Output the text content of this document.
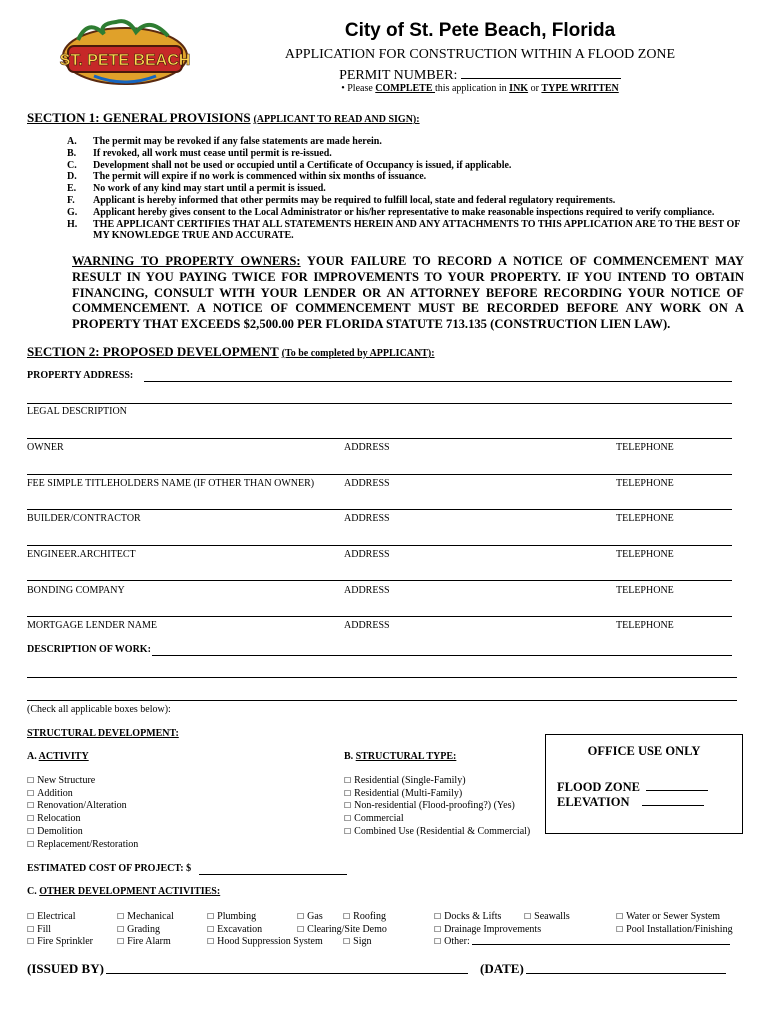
ST. PETE BEACH
City of St. Pete Beach, Florida
APPLICATION FOR CONSTRUCTION WITHIN A FLOOD ZONE
PERMIT NUMBER:
• Please COMPLETE this application in INK or TYPE WRITTEN
SECTION 1: GENERAL PROVISIONS (APPLICANT TO READ AND SIGN):
A.	The permit may be revoked if any false statements are made herein.
B.	If revoked, all work must cease until permit is re-issued.
C.	Development shall not be used or occupied until a Certificate of Occupancy is issued, if applicable.
D.	The permit will expire if no work is commenced within six months of issuance.
E.	No work of any kind may start until a permit is issued.
F.	Applicant is hereby informed that other permits may be required to fulfill local, state and federal regulatory requirements.
G.	Applicant hereby gives consent to the Local Administrator or his/her representative to make reasonable inspections required to verify compliance.
H.	THE APPLICANT CERTIFIES THAT ALL STATEMENTS HEREIN AND ANY ATTACHMENTS TO THIS APPLICATION ARE TO THE BEST OF MY KNOWLEDGE TRUE AND ACCURATE.
WARNING TO PROPERTY OWNERS: YOUR FAILURE TO RECORD A NOTICE OF COMMENCEMENT MAY RESULT IN YOU PAYING TWICE FOR IMPROVEMENTS TO YOUR PROPERTY. IF YOU INTEND TO OBTAIN FINANCING, CONSULT WITH YOUR LENDER OR AN ATTORNEY BEFORE RECORDING YOUR NOTICE OF COMMENCEMENT. A NOTICE OF COMMENCEMENT MUST BE RECORDED BEFORE ANY WORK ON A PROPERTY THAT EXCEEDS $2,500.00 PER FLORIDA STATUTE 713.135 (CONSTRUCTION LIEN LAW).
SECTION 2: PROPOSED DEVELOPMENT (To be completed by APPLICANT):
PROPERTY ADDRESS:
LEGAL DESCRIPTION
OWNER	ADDRESS	TELEPHONE
FEE SIMPLE TITLEHOLDERS NAME (IF OTHER THAN OWNER)	ADDRESS	TELEPHONE
BUILDER/CONTRACTOR	ADDRESS	TELEPHONE
ENGINEER.ARCHITECT	ADDRESS	TELEPHONE
BONDING COMPANY	ADDRESS	TELEPHONE
MORTGAGE LENDER NAME	ADDRESS	TELEPHONE
DESCRIPTION OF WORK:
(Check all applicable boxes below):
STRUCTURAL DEVELOPMENT:
A. ACTIVITY
☐ New Structure
☐ Addition
☐ Renovation/Alteration
☐ Relocation
☐ Demolition
☐ Replacement/Restoration
B. STRUCTURAL TYPE:
☐ Residential (Single-Family)
☐ Residential (Multi-Family)
☐ Non-residential (Flood-proofing?) (Yes)
☐ Commercial
☐ Combined Use (Residential & Commercial)
OFFICE USE ONLY
FLOOD ZONE
ELEVATION
ESTIMATED COST OF PROJECT: $
C. OTHER DEVELOPMENT ACTIVITIES:
☐ Electrical
☐ Fill
☐ Fire Sprinkler
☐ Mechanical
☐ Grading
☐ Fire Alarm
☐ Plumbing
☐ Excavation
☐ Hood Suppression System
☐ Gas
☐ Clearing/Site Demo
☐ Roofing
☐ Sign
☐ Docks & Lifts
☐ Drainage Improvements
☐ Other:
☐ Seawalls
☐	Water or Sewer System
☐ Pool Installation/Finishing
(ISSUED BY)	(DATE)
